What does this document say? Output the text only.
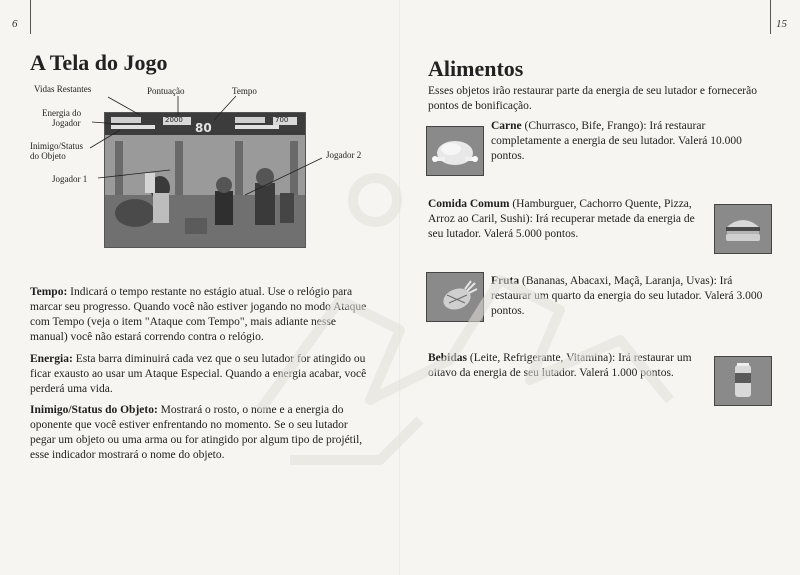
6
A Tela do Jogo
80
2000	700
Vidas Restantes	Pontuação	Tempo
Energia do
Jogador
Inimigo/Status
do Objeto
Jogador 1
Jogador 2
Tempo: Indicará o tempo restante no estágio atual. Use o relógio para marcar seu progresso. Quando você não estiver jogando no modo Ataque com Tempo (veja o item "Ataque com Tempo", mais adiante nesse manual) você não estará correndo contra o relógio.
Energia: Esta barra diminuirá cada vez que o seu lutador for atingido ou ficar exausto ao usar um Ataque Especial. Quando a energia acabar, você perderá uma vida.
Inimigo/Status do Objeto: Mostrará o rosto, o nome e a energia do oponente que você estiver enfrentando no momento. Se o seu lutador pegar um objeto ou uma arma ou for atingido por algum tipo de projétil, esse indicador mostrará o nome do objeto.
15
Alimentos
Esses objetos irão restaurar parte da energia de seu lutador e fornecerão pontos de bonificação.
Carne (Churrasco, Bife, Frango): Irá restaurar completamente a energia de seu lutador. Valerá 10.000 pontos.
Comida Comum (Hamburguer, Cachorro Quente, Pizza, Arroz ao Caril, Sushi): Irá recuperar metade da energia de seu lutador. Valerá 5.000 pontos.
Fruta (Bananas, Abacaxi, Maçã, Laranja, Uvas): Irá restaurar um quarto da energia do seu lutador. Valerá 3.000 pontos.
Bebidas (Leite, Refrigerante, Vitamina): Irá restaurar um oitavo da energia de seu lutador. Valerá 1.000 pontos.
